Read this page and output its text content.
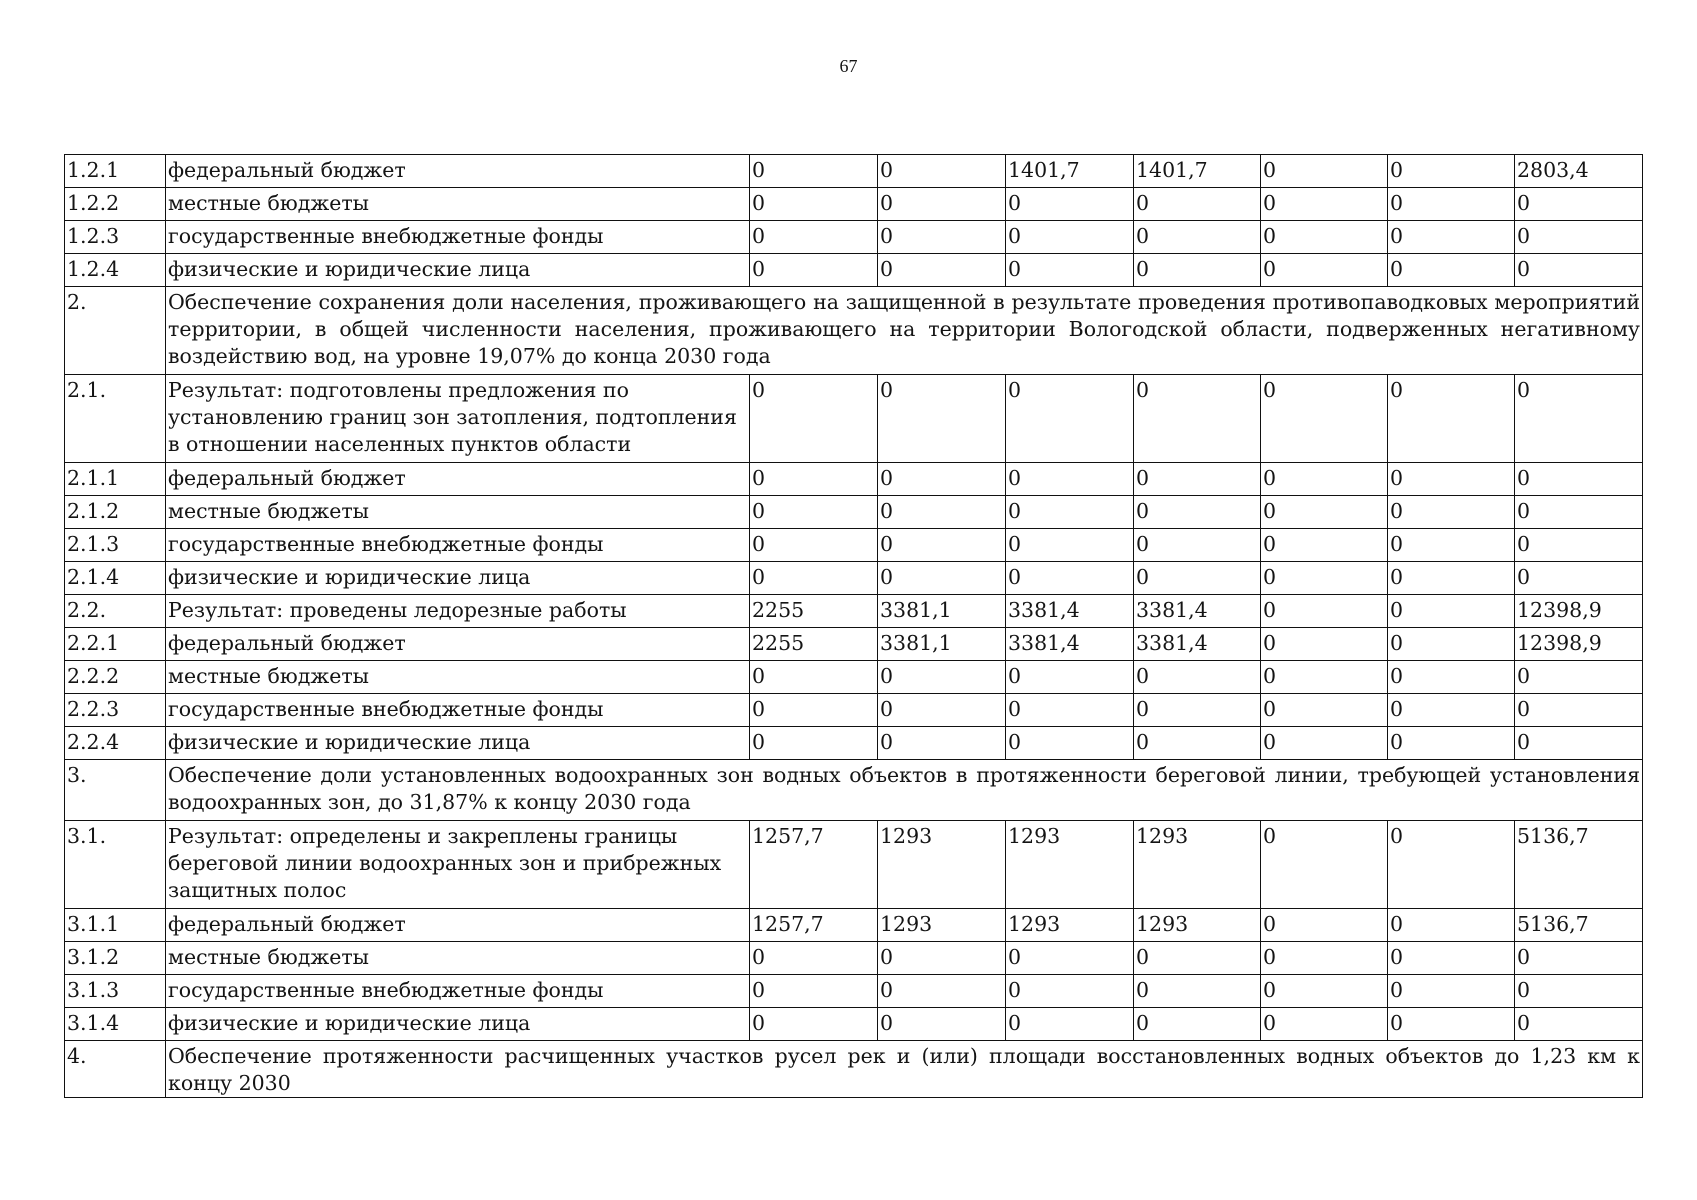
67
1.2.1	федеральный бюджет	0	0	1401,7	1401,7	0	0	2803,4
1.2.2	местные бюджеты	0	0	0	0	0	0	0
1.2.3	государственные внебюджетные фонды	0	0	0	0	0	0	0
1.2.4	физические и юридические лица	0	0	0	0	0	0	0
2.	Обеспечение сохранения доли населения, проживающего на защищенной в результате проведения противопаводковых мероприятий территории, в общей численности населения, проживающего на территории Вологодской области, подверженных негативному воздействию вод, на уровне 19,07% до конца 2030 года							
2.1.	Результат: подготовлены предложения по установлению границ зон затопления, подтопления в отношении населенных пунктов области	0	0	0	0	0	0	0
2.1.1	федеральный бюджет	0	0	0	0	0	0	0
2.1.2	местные бюджеты	0	0	0	0	0	0	0
2.1.3	государственные внебюджетные фонды	0	0	0	0	0	0	0
2.1.4	физические и юридические лица	0	0	0	0	0	0	0
2.2.	Результат: проведены ледорезные работы	2255	3381,1	3381,4	3381,4	0	0	12398,9
2.2.1	федеральный бюджет	2255	3381,1	3381,4	3381,4	0	0	12398,9
2.2.2	местные бюджеты	0	0	0	0	0	0	0
2.2.3	государственные внебюджетные фонды	0	0	0	0	0	0	0
2.2.4	физические и юридические лица	0	0	0	0	0	0	0
3.	Обеспечение доли установленных водоохранных зон водных объектов в протяженности береговой линии, требующей установления водоохранных зон, до 31,87% к концу 2030 года							
3.1.	Результат: определены и закреплены границы береговой линии водоохранных зон и прибрежных защитных полос	1257,7	1293	1293	1293	0	0	5136,7
3.1.1	федеральный бюджет	1257,7	1293	1293	1293	0	0	5136,7
3.1.2	местные бюджеты	0	0	0	0	0	0	0
3.1.3	государственные внебюджетные фонды	0	0	0	0	0	0	0
3.1.4	физические и юридические лица	0	0	0	0	0	0	0
4.	Обеспечение протяженности расчищенных участков русел рек и (или) площади восстановленных водных объектов до 1,23 км к концу 2030							
